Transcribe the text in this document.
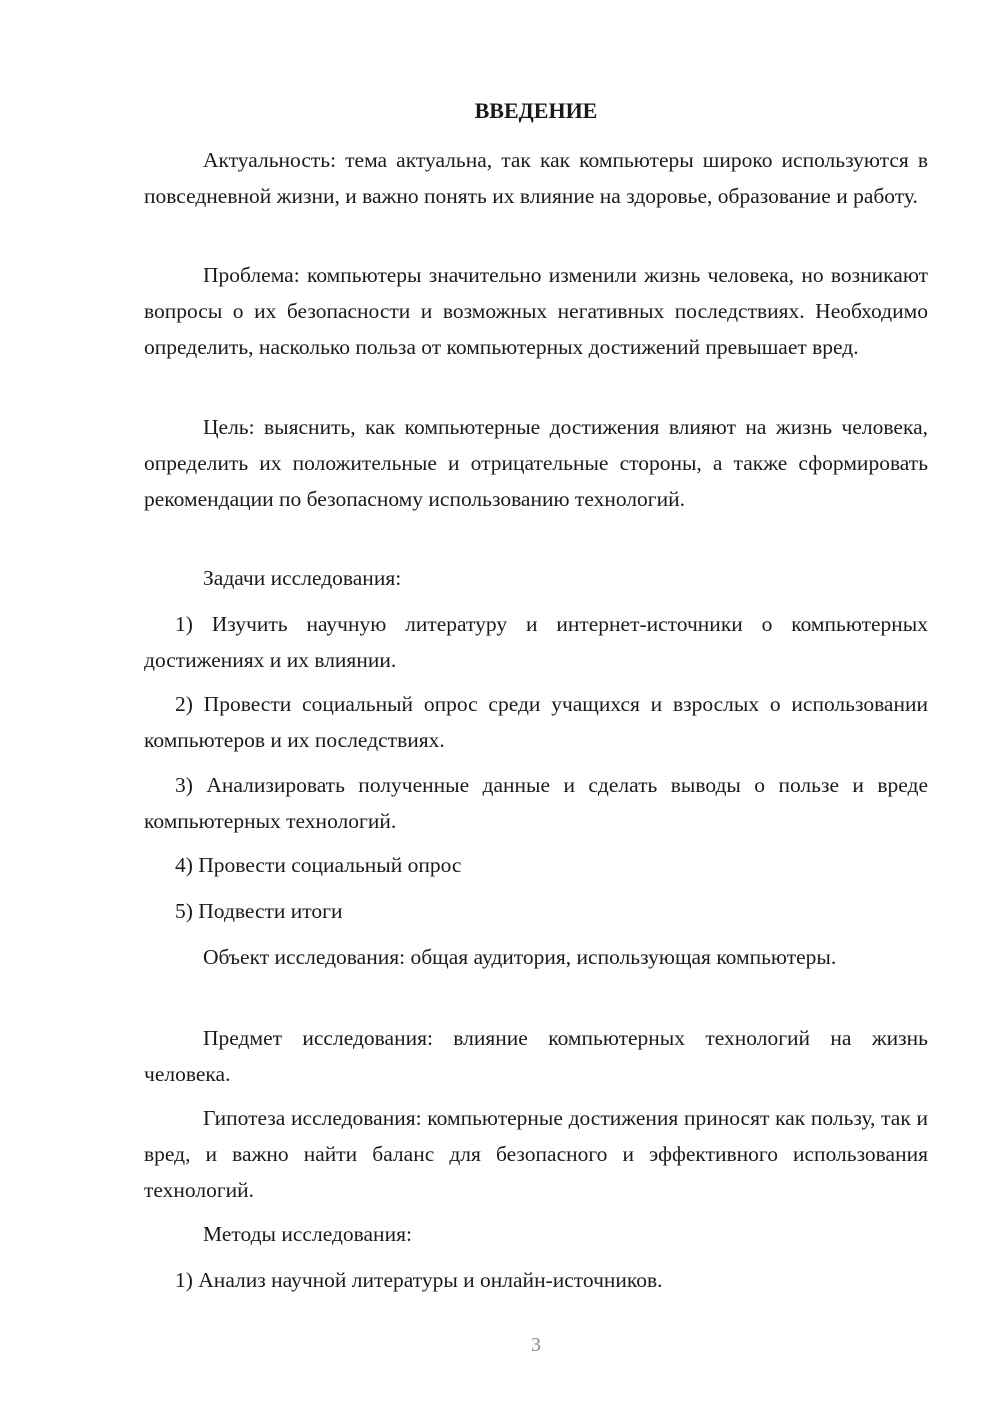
ВВЕДЕНИЕ

Актуальность: тема актуальна, так как компьютеры широко используются в повседневной жизни, и важно понять их влияние на здоровье, образование и работу.

Проблема: компьютеры значительно изменили жизнь человека, но возникают вопросы о их безопасности и возможных негативных последствиях. Необходимо определить, насколько польза от компьютерных достижений превышает вред.

Цель: выяснить, как компьютерные достижения влияют на жизнь человека, определить их положительные и отрицательные стороны, а также сформировать рекомендации по безопасному использованию технологий.

Задачи исследования:

1) Изучить научную литературу и интернет-источники о компьютерных достижениях и их влиянии.

2) Провести социальный опрос среди учащихся и взрослых о использовании компьютеров и их последствиях.

3) Анализировать полученные данные и сделать выводы о пользе и вреде компьютерных технологий.

4) Провести социальный опрос

5) Подвести итоги

Объект исследования: общая аудитория, использующая компьютеры.

Предмет исследования: влияние компьютерных технологий на жизнь человека.

Гипотеза исследования: компьютерные достижения приносят как пользу, так и вред, и важно найти баланс для безопасного и эффективного использования технологий.

Методы исследования:

1) Анализ научной литературы и онлайн-источников.

3
